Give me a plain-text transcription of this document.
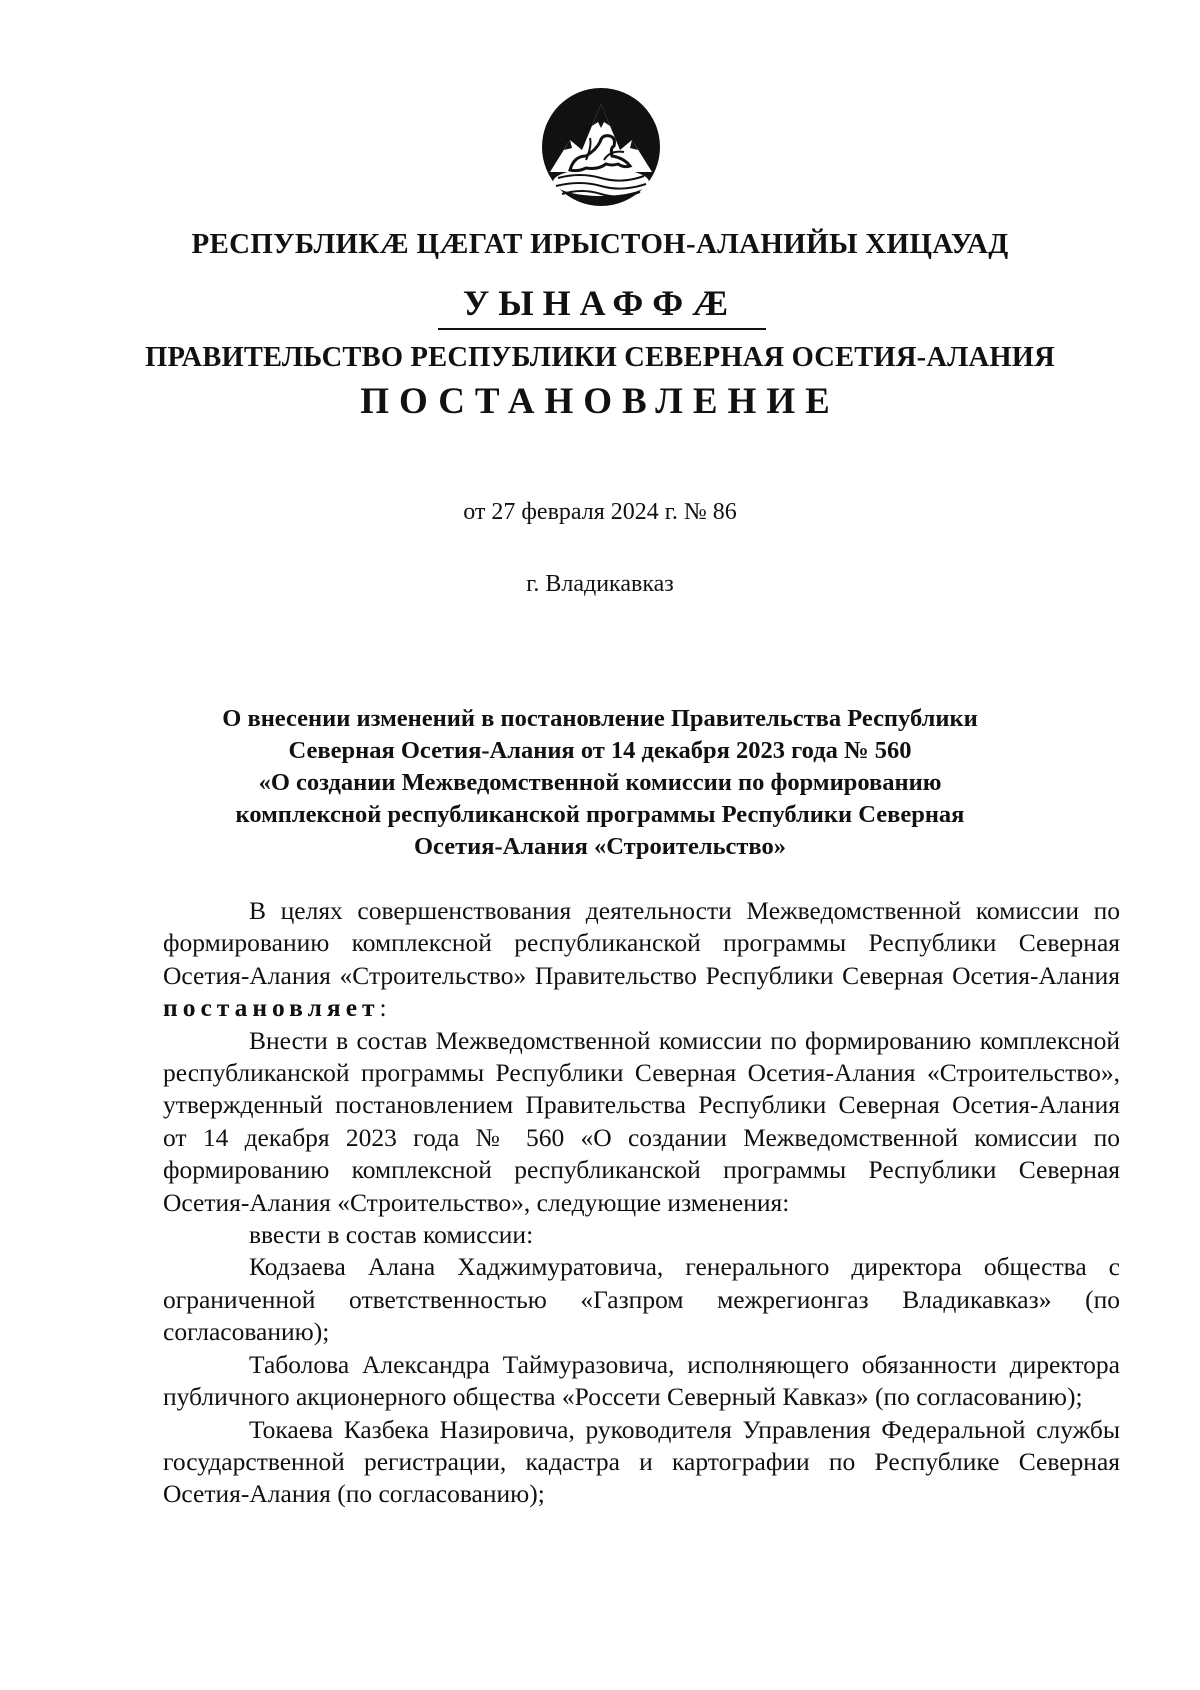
РЕСПУБЛИКӔ ЦӔГАТ ИРЫСТОН-АЛАНИЙЫ ХИЦАУАД

УЫНАФФӔ

ПРАВИТЕЛЬСТВО РЕСПУБЛИКИ СЕВЕРНАЯ ОСЕТИЯ-АЛАНИЯ

ПОСТАНОВЛЕНИЕ

от 27 февраля 2024 г. № 86

г. Владикавказ

О внесении изменений в постановление Правительства Республики
Северная Осетия-Алания от 14 декабря 2023 года № 560
«О создании Межведомственной комиссии по формированию
комплексной республиканской программы Республики Северная
Осетия-Алания «Строительство»

В целях совершенствования деятельности Межведомственной комиссии по формированию комплексной республиканской программы Республики Северная Осетия-Алания «Строительство» Правительство Республики Северная Осетия-Алания постановляет:

Внести в состав Межведомственной комиссии по формированию комплексной республиканской программы Республики Северная Осетия-Алания «Строительство», утвержденный постановлением Правительства Республики Северная Осетия-Алания от 14 декабря 2023 года № 560 «О создании Межведомственной комиссии по формированию комплексной республиканской программы Республики Северная Осетия-Алания «Строительство», следующие изменения:

ввести в состав комиссии:

Кодзаева Алана Хаджимуратовича, генерального директора общества с ограниченной ответственностью «Газпром межрегионгаз Владикавказ» (по согласованию);

Таболова Александра Таймуразовича, исполняющего обязанности директора публичного акционерного общества «Россети Северный Кавказ» (по согласованию);

Токаева Казбека Назировича, руководителя Управления Федеральной службы государственной регистрации, кадастра и картографии по Республике Северная Осетия-Алания (по согласованию);
